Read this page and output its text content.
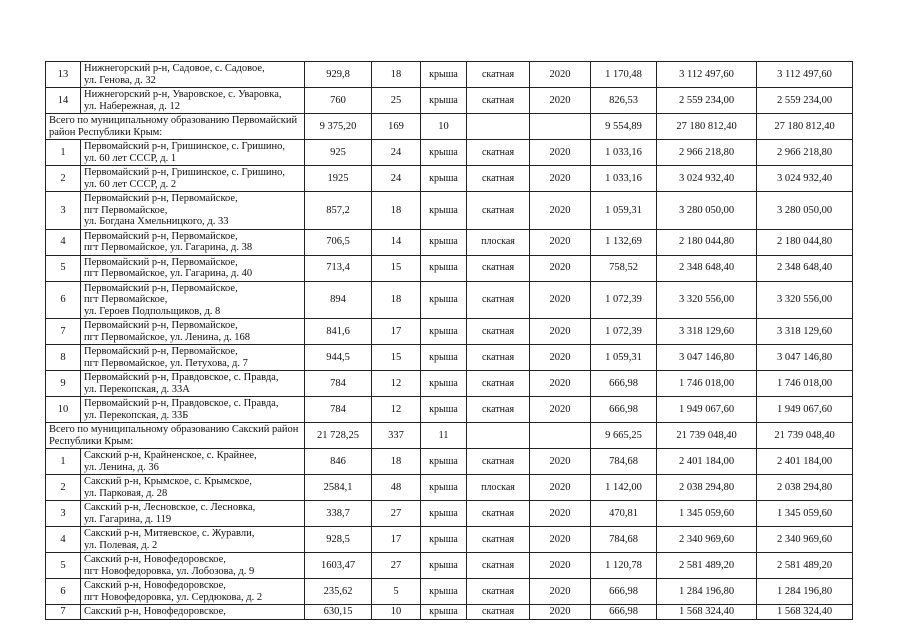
13	Нижнегорский р-н, Садовое, с. Садовое,
ул. Генова, д. 32	929,8	18	крыша	скатная	2020	1 170,48	3 112 497,60	3 112 497,60
14	Нижнегорский р-н, Уваровское, с. Уваровка,
ул. Набережная, д. 12	760	25	крыша	скатная	2020	826,53	2 559 234,00	2 559 234,00

Всего по муниципальному образованию Первомайский
район Республики Крым:		9 375,20	169	10			9 554,89	27 180 812,40	27 180 812,40
1	Первомайский р-н, Гришинское, с. Гришино,
ул. 60 лет СССР, д. 1	925	24	крыша	скатная	2020	1 033,16	2 966 218,80	2 966 218,80
2	Первомайский р-н, Гришинское, с. Гришино,
ул. 60 лет СССР, д. 2	1925	24	крыша	скатная	2020	1 033,16	3 024 932,40	3 024 932,40
3	Первомайский р-н, Первомайское,
пгт Первомайское,
ул. Богдана Хмельницкого, д. 33	857,2	18	крыша	скатная	2020	1 059,31	3 280 050,00	3 280 050,00
4	Первомайский р-н, Первомайское,
пгт Первомайское, ул. Гагарина, д. 38	706,5	14	крыша	плоская	2020	1 132,69	2 180 044,80	2 180 044,80
5	Первомайский р-н, Первомайское,
пгт Первомайское, ул. Гагарина, д. 40	713,4	15	крыша	скатная	2020	758,52	2 348 648,40	2 348 648,40
6	Первомайский р-н, Первомайское,
пгт Первомайское,
ул. Героев Подпольщиков, д. 8	894	18	крыша	скатная	2020	1 072,39	3 320 556,00	3 320 556,00
7	Первомайский р-н, Первомайское,
пгт Первомайское, ул. Ленина, д. 168	841,6	17	крыша	скатная	2020	1 072,39	3 318 129,60	3 318 129,60
8	Первомайский р-н, Первомайское,
пгт Первомайское, ул. Петухова, д. 7	944,5	15	крыша	скатная	2020	1 059,31	3 047 146,80	3 047 146,80
9	Первомайский р-н, Правдовское, с. Правда,
ул. Перекопская, д. 33А	784	12	крыша	скатная	2020	666,98	1 746 018,00	1 746 018,00
10	Первомайский р-н, Правдовское, с. Правда,
ул. Перекопская, д. 33Б	784	12	крыша	скатная	2020	666,98	1 949 067,60	1 949 067,60

Всего по муниципальному образованию Сакский район
Республики Крым:		21 728,25	337	11			9 665,25	21 739 048,40	21 739 048,40
1	Сакский р-н, Крайненское, с. Крайнее,
ул. Ленина, д. 36	846	18	крыша	скатная	2020	784,68	2 401 184,00	2 401 184,00
2	Сакский р-н, Крымское, с. Крымское,
ул. Парковая, д. 28	2584,1	48	крыша	плоская	2020	1 142,00	2 038 294,80	2 038 294,80
3	Сакский р-н, Лесновское, с. Лесновка,
ул. Гагарина, д. 119	338,7	27	крыша	скатная	2020	470,81	1 345 059,60	1 345 059,60
4	Сакский р-н, Митяевское, с. Журавли,
ул. Полевая, д. 2	928,5	17	крыша	скатная	2020	784,68	2 340 969,60	2 340 969,60
5	Сакский р-н, Новофедоровское,
пгт Новофедоровка, ул. Лобозова, д. 9	1603,47	27	крыша	скатная	2020	1 120,78	2 581 489,20	2 581 489,20
6	Сакский р-н, Новофедоровское,
пгт Новофедоровка, ул. Сердюкова, д. 2	235,62	5	крыша	скатная	2020	666,98	1 284 196,80	1 284 196,80
7	Сакский р-н, Новофедоровское,	630,15	10	крыша	скатная	2020	666,98	1 568 324,40	1 568 324,40
